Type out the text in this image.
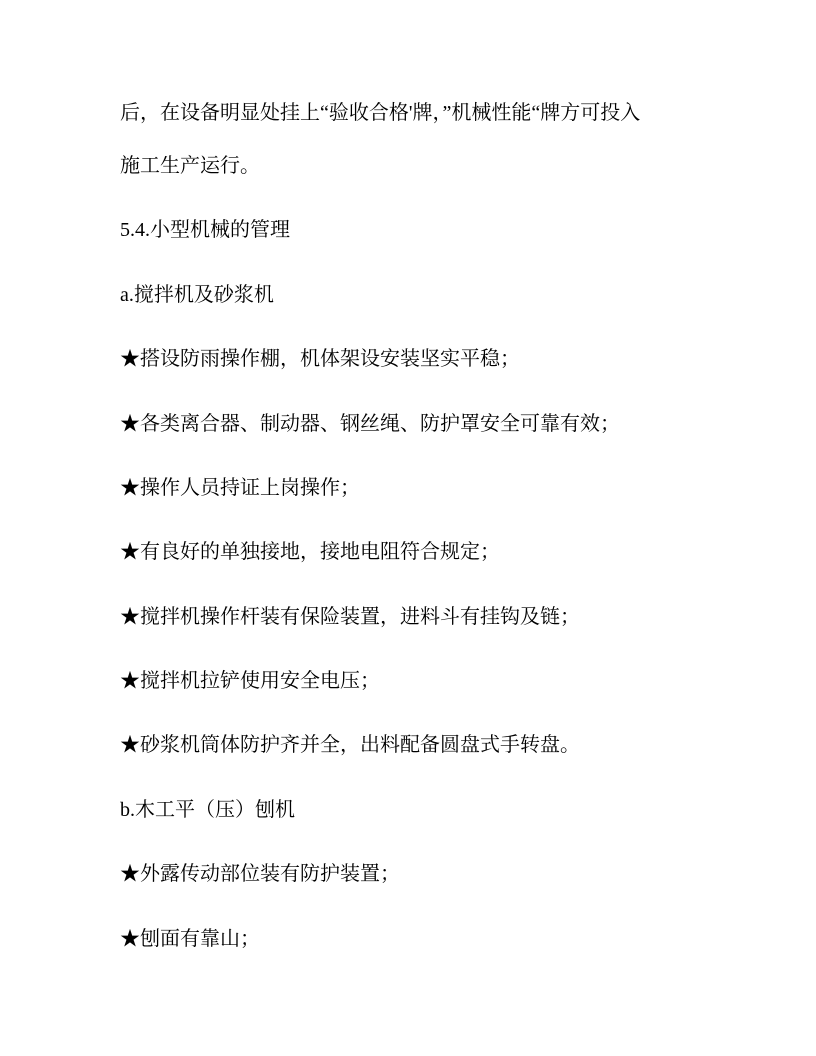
后，在设备明显处挂上“验收合格'牌，”机械性能“牌方可投入

施工生产运行。

5.4.小型机械的管理

a.搅拌机及砂浆机

★搭设防雨操作棚，机体架设安装坚实平稳；

★各类离合器、制动器、钢丝绳、防护罩安全可靠有效；

★操作人员持证上岗操作；

★有良好的单独接地，接地电阻符合规定；

★搅拌机操作杆装有保险装置，进料斗有挂钩及链；

★搅拌机拉铲使用安全电压；

★砂浆机筒体防护齐并全，出料配备圆盘式手转盘。

b.木工平（压）刨机

★外露传动部位装有防护装置；

★刨面有靠山；
